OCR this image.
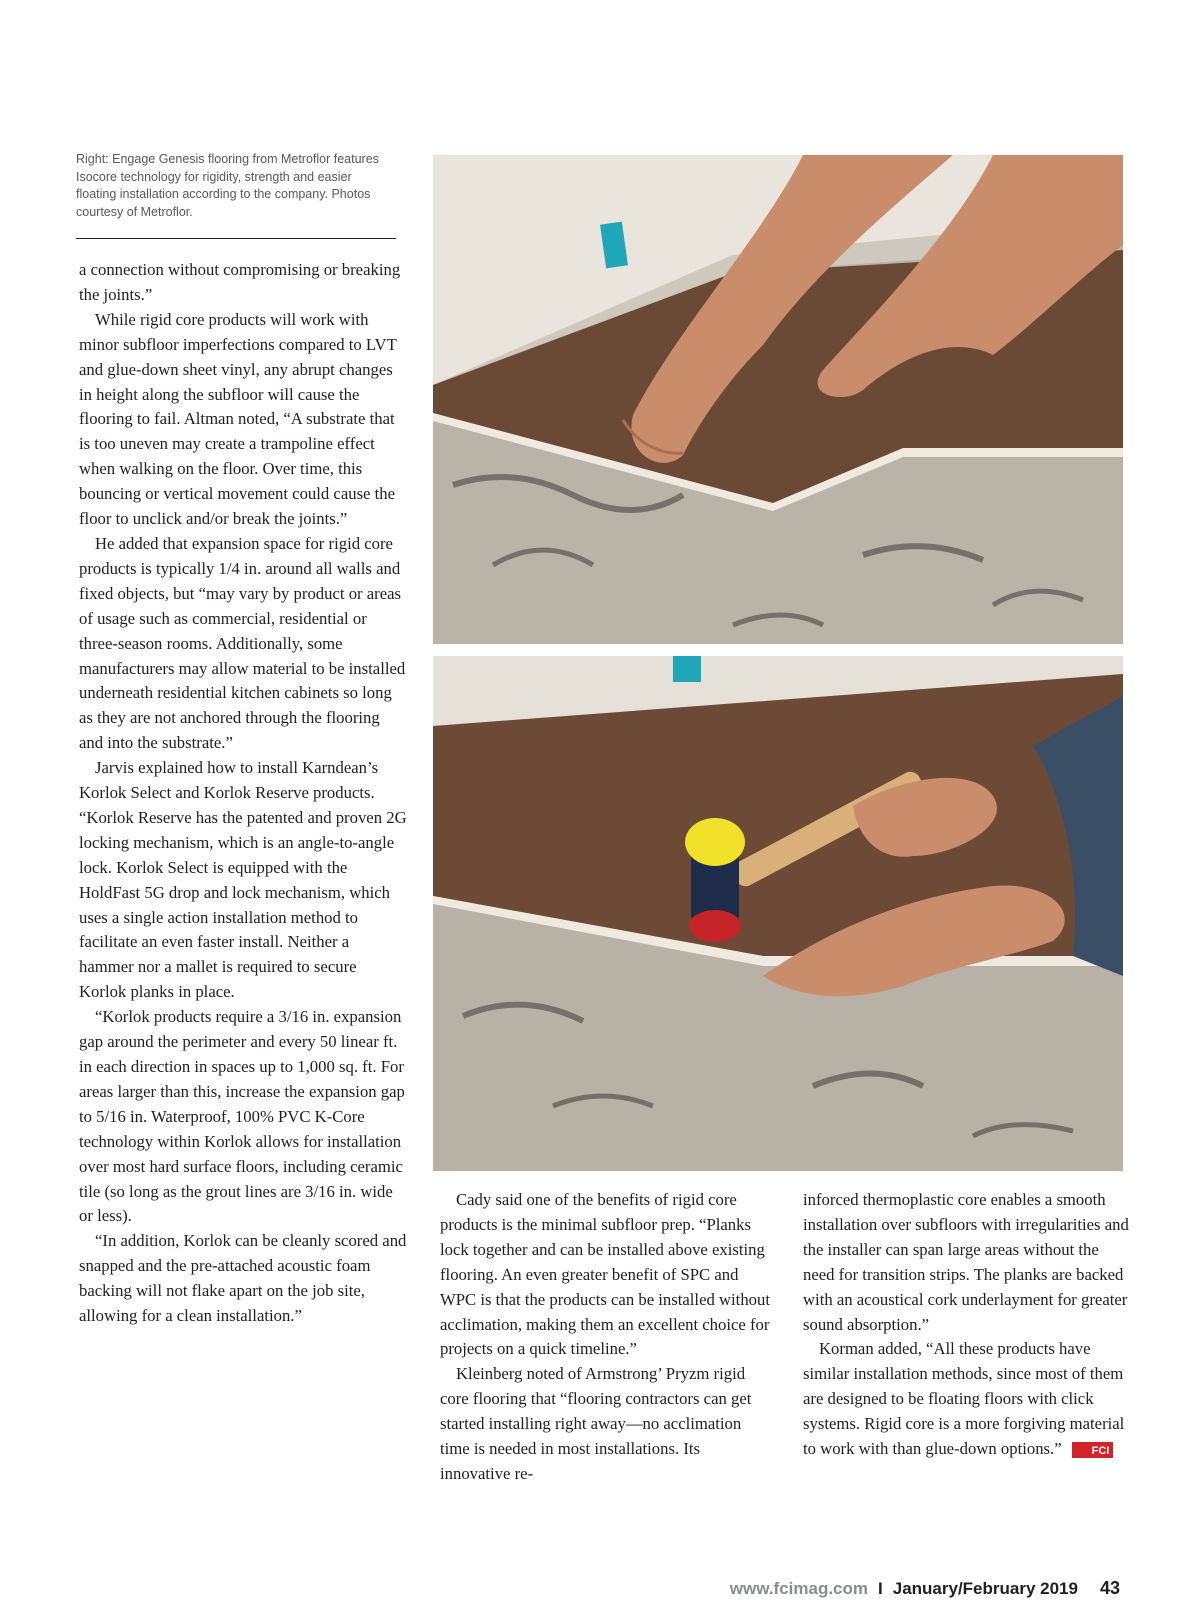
Right: Engage Genesis flooring from Metroflor features Isocore technology for rigidity, strength and easier floating installation according to the company. Photos courtesy of Metroflor.

a connection without compromising or breaking the joints.”

While rigid core products will work with minor subfloor imperfections compared to LVT and glue-down sheet vinyl, any abrupt changes in height along the subfloor will cause the flooring to fail. Altman noted, “A substrate that is too uneven may create a trampoline effect when walking on the floor. Over time, this bouncing or vertical movement could cause the floor to unclick and/or break the joints.”

He added that expansion space for rigid core products is typically 1/4 in. around all walls and fixed objects, but “may vary by product or areas of usage such as commercial, residential or three-season rooms. Additionally, some manufacturers may allow material to be installed underneath residential kitchen cabinets so long as they are not anchored through the flooring and into the substrate.”

Jarvis explained how to install Karndean’s Korlok Select and Korlok Reserve products. “Korlok Reserve has the patented and proven 2G locking mechanism, which is an angle-to-angle lock. Korlok Select is equipped with the HoldFast 5G drop and lock mechanism, which uses a single action installation method to facilitate an even faster install. Neither a hammer nor a mallet is required to secure Korlok planks in place.

“Korlok products require a 3/16 in. expansion gap around the perimeter and every 50 linear ft. in each direction in spaces up to 1,000 sq. ft. For areas larger than this, increase the expansion gap to 5/16 in. Waterproof, 100% PVC K-Core technology within Korlok allows for installation over most hard surface floors, including ceramic tile (so long as the grout lines are 3/16 in. wide or less).

“In addition, Korlok can be cleanly scored and snapped and the pre-attached acoustic foam backing will not flake apart on the job site, allowing for a clean installation.”

Cady said one of the benefits of rigid core products is the minimal subfloor prep. “Planks lock together and can be installed above existing flooring. An even greater benefit of SPC and WPC is that the products can be installed without acclimation, making them an excellent choice for projects on a quick timeline.”

Kleinberg noted of Armstrong’ Pryzm rigid core flooring that “flooring contractors can get started installing right away—no acclimation time is needed in most installations. Its innovative re-

inforced thermoplastic core enables a smooth installation over subfloors with irregularities and the installer can span large areas without the need for transition strips. The planks are backed with an acoustical cork underlayment for greater sound absorption.”

Korman added, “All these products have similar installation methods, since most of them are designed to be floating floors with click systems. Rigid core is a more forgiving material to work with than glue-down options.”	FCI

www.fcimag.com I January/February 2019 43
